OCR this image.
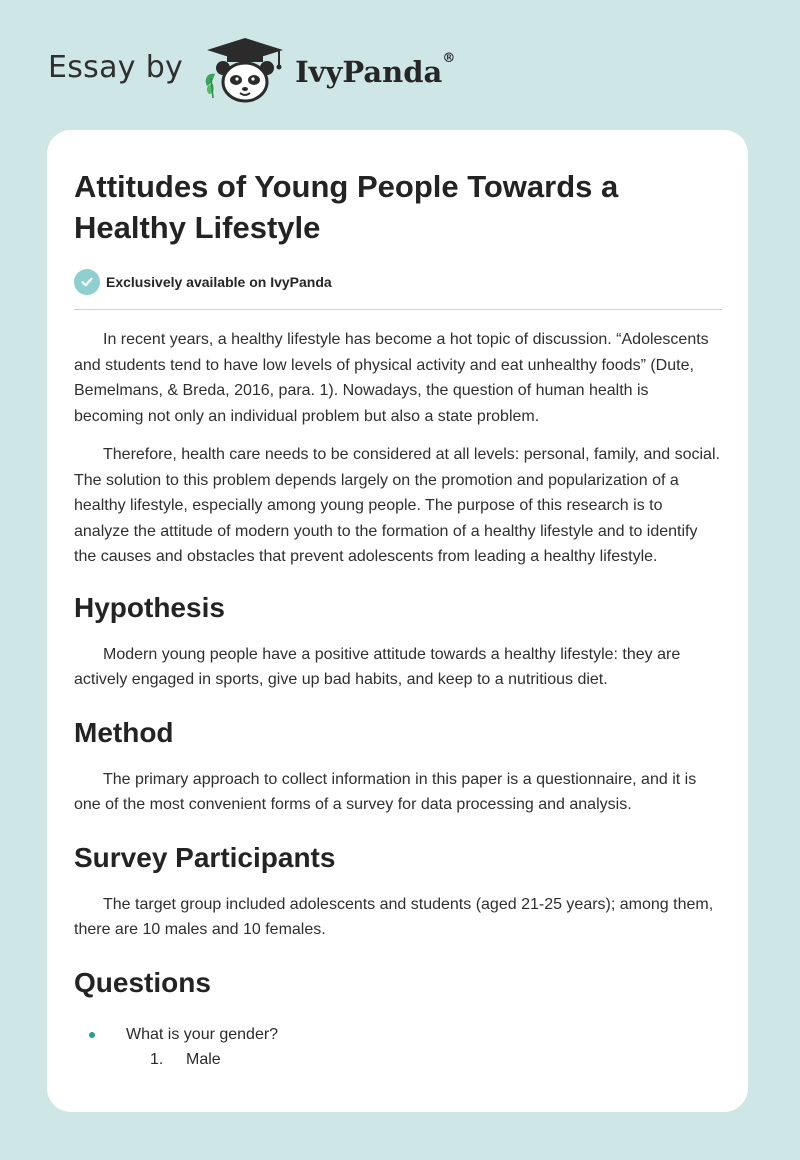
Essay by	IvyPanda®
Attitudes of Young People Towards a Healthy Lifestyle
Exclusively available on IvyPanda

In recent years, a healthy lifestyle has become a hot topic of discussion. “Adolescents and students tend to have low levels of physical activity and eat unhealthy foods” (Dute, Bemelmans, & Breda, 2016, para. 1). Nowadays, the question of human health is becoming not only an individual problem but also a state problem.

Therefore, health care needs to be considered at all levels: personal, family, and social. The solution to this problem depends largely on the promotion and popularization of a healthy lifestyle, especially among young people. The purpose of this research is to analyze the attitude of modern youth to the formation of a healthy lifestyle and to identify the causes and obstacles that prevent adolescents from leading a healthy lifestyle.

Hypothesis

Modern young people have a positive attitude towards a healthy lifestyle: they are actively engaged in sports, give up bad habits, and keep to a nutritious diet.

Method

The primary approach to collect information in this paper is a questionnaire, and it is one of the most convenient forms of a survey for data processing and analysis.

Survey Participants

The target group included adolescents and students (aged 21-25 years); among them, there are 10 males and 10 females.

Questions
What is your gender?
1.	Male
